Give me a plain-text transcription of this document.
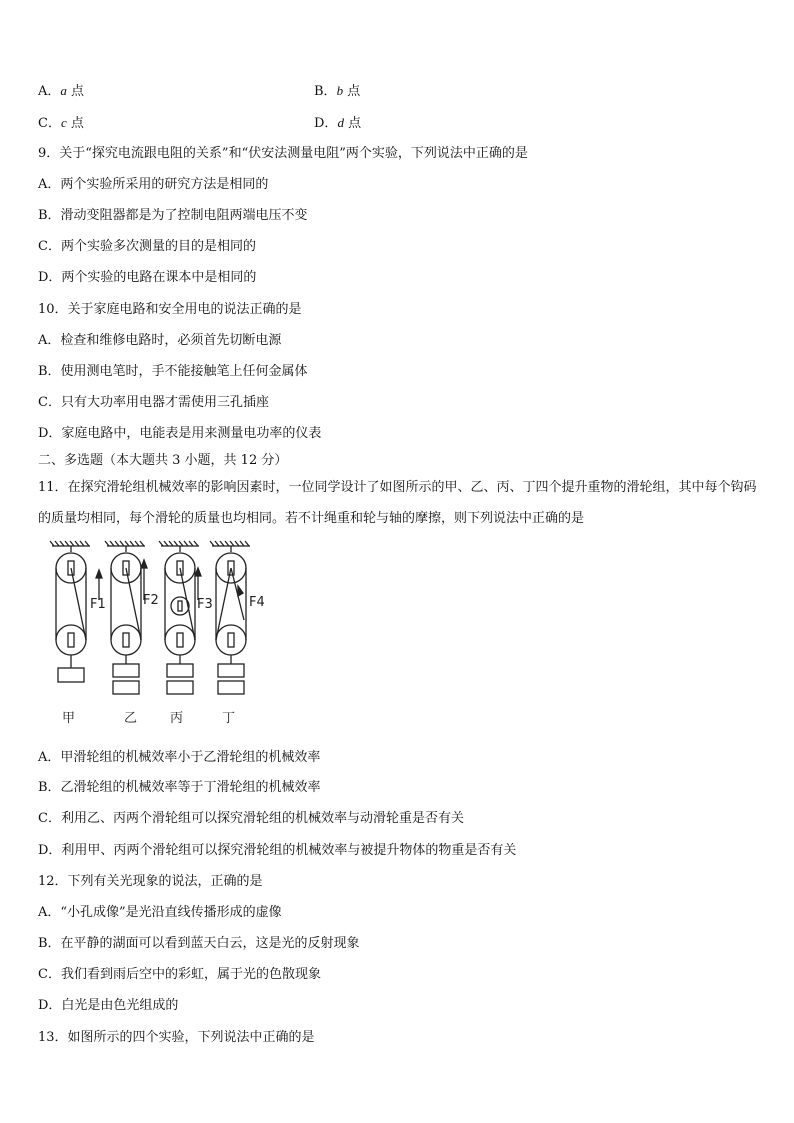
A．a 点	B．b 点
C．c 点	D．d 点
9．关于“探究电流跟电阻的关系”和“伏安法测量电阻”两个实验，下列说法中正确的是
A．两个实验所采用的研究方法是相同的
B．滑动变阻器都是为了控制电阻两端电压不变
C．两个实验多次测量的目的是相同的
D．两个实验的电路在课本中是相同的
10．关于家庭电路和安全用电的说法正确的是
A．检查和维修电路时，必须首先切断电源
B．使用测电笔时，手不能接触笔上任何金属体
C．只有大功率用电器才需使用三孔插座
D．家庭电路中，电能表是用来测量电功率的仪表
二、多选题（本大题共 3 小题，共 12 分）
11．在探究滑轮组机械效率的影响因素时，一位同学设计了如图所示的甲、乙、丙、丁四个提升重物的滑轮组，其中每个钩码的质量均相同，每个滑轮的质量也均相同。若不计绳重和轮与轴的摩擦，则下列说法中正确的是
F1	F2	F3	F4
甲	乙	丙	丁
A．甲滑轮组的机械效率小于乙滑轮组的机械效率
B．乙滑轮组的机械效率等于丁滑轮组的机械效率
C．利用乙、丙两个滑轮组可以探究滑轮组的机械效率与动滑轮重是否有关
D．利用甲、丙两个滑轮组可以探究滑轮组的机械效率与被提升物体的物重是否有关
12．下列有关光现象的说法，正确的是
A．“小孔成像”是光沿直线传播形成的虚像
B．在平静的湖面可以看到蓝天白云，这是光的反射现象
C．我们看到雨后空中的彩虹，属于光的色散现象
D．白光是由色光组成的
13．如图所示的四个实验，下列说法中正确的是
